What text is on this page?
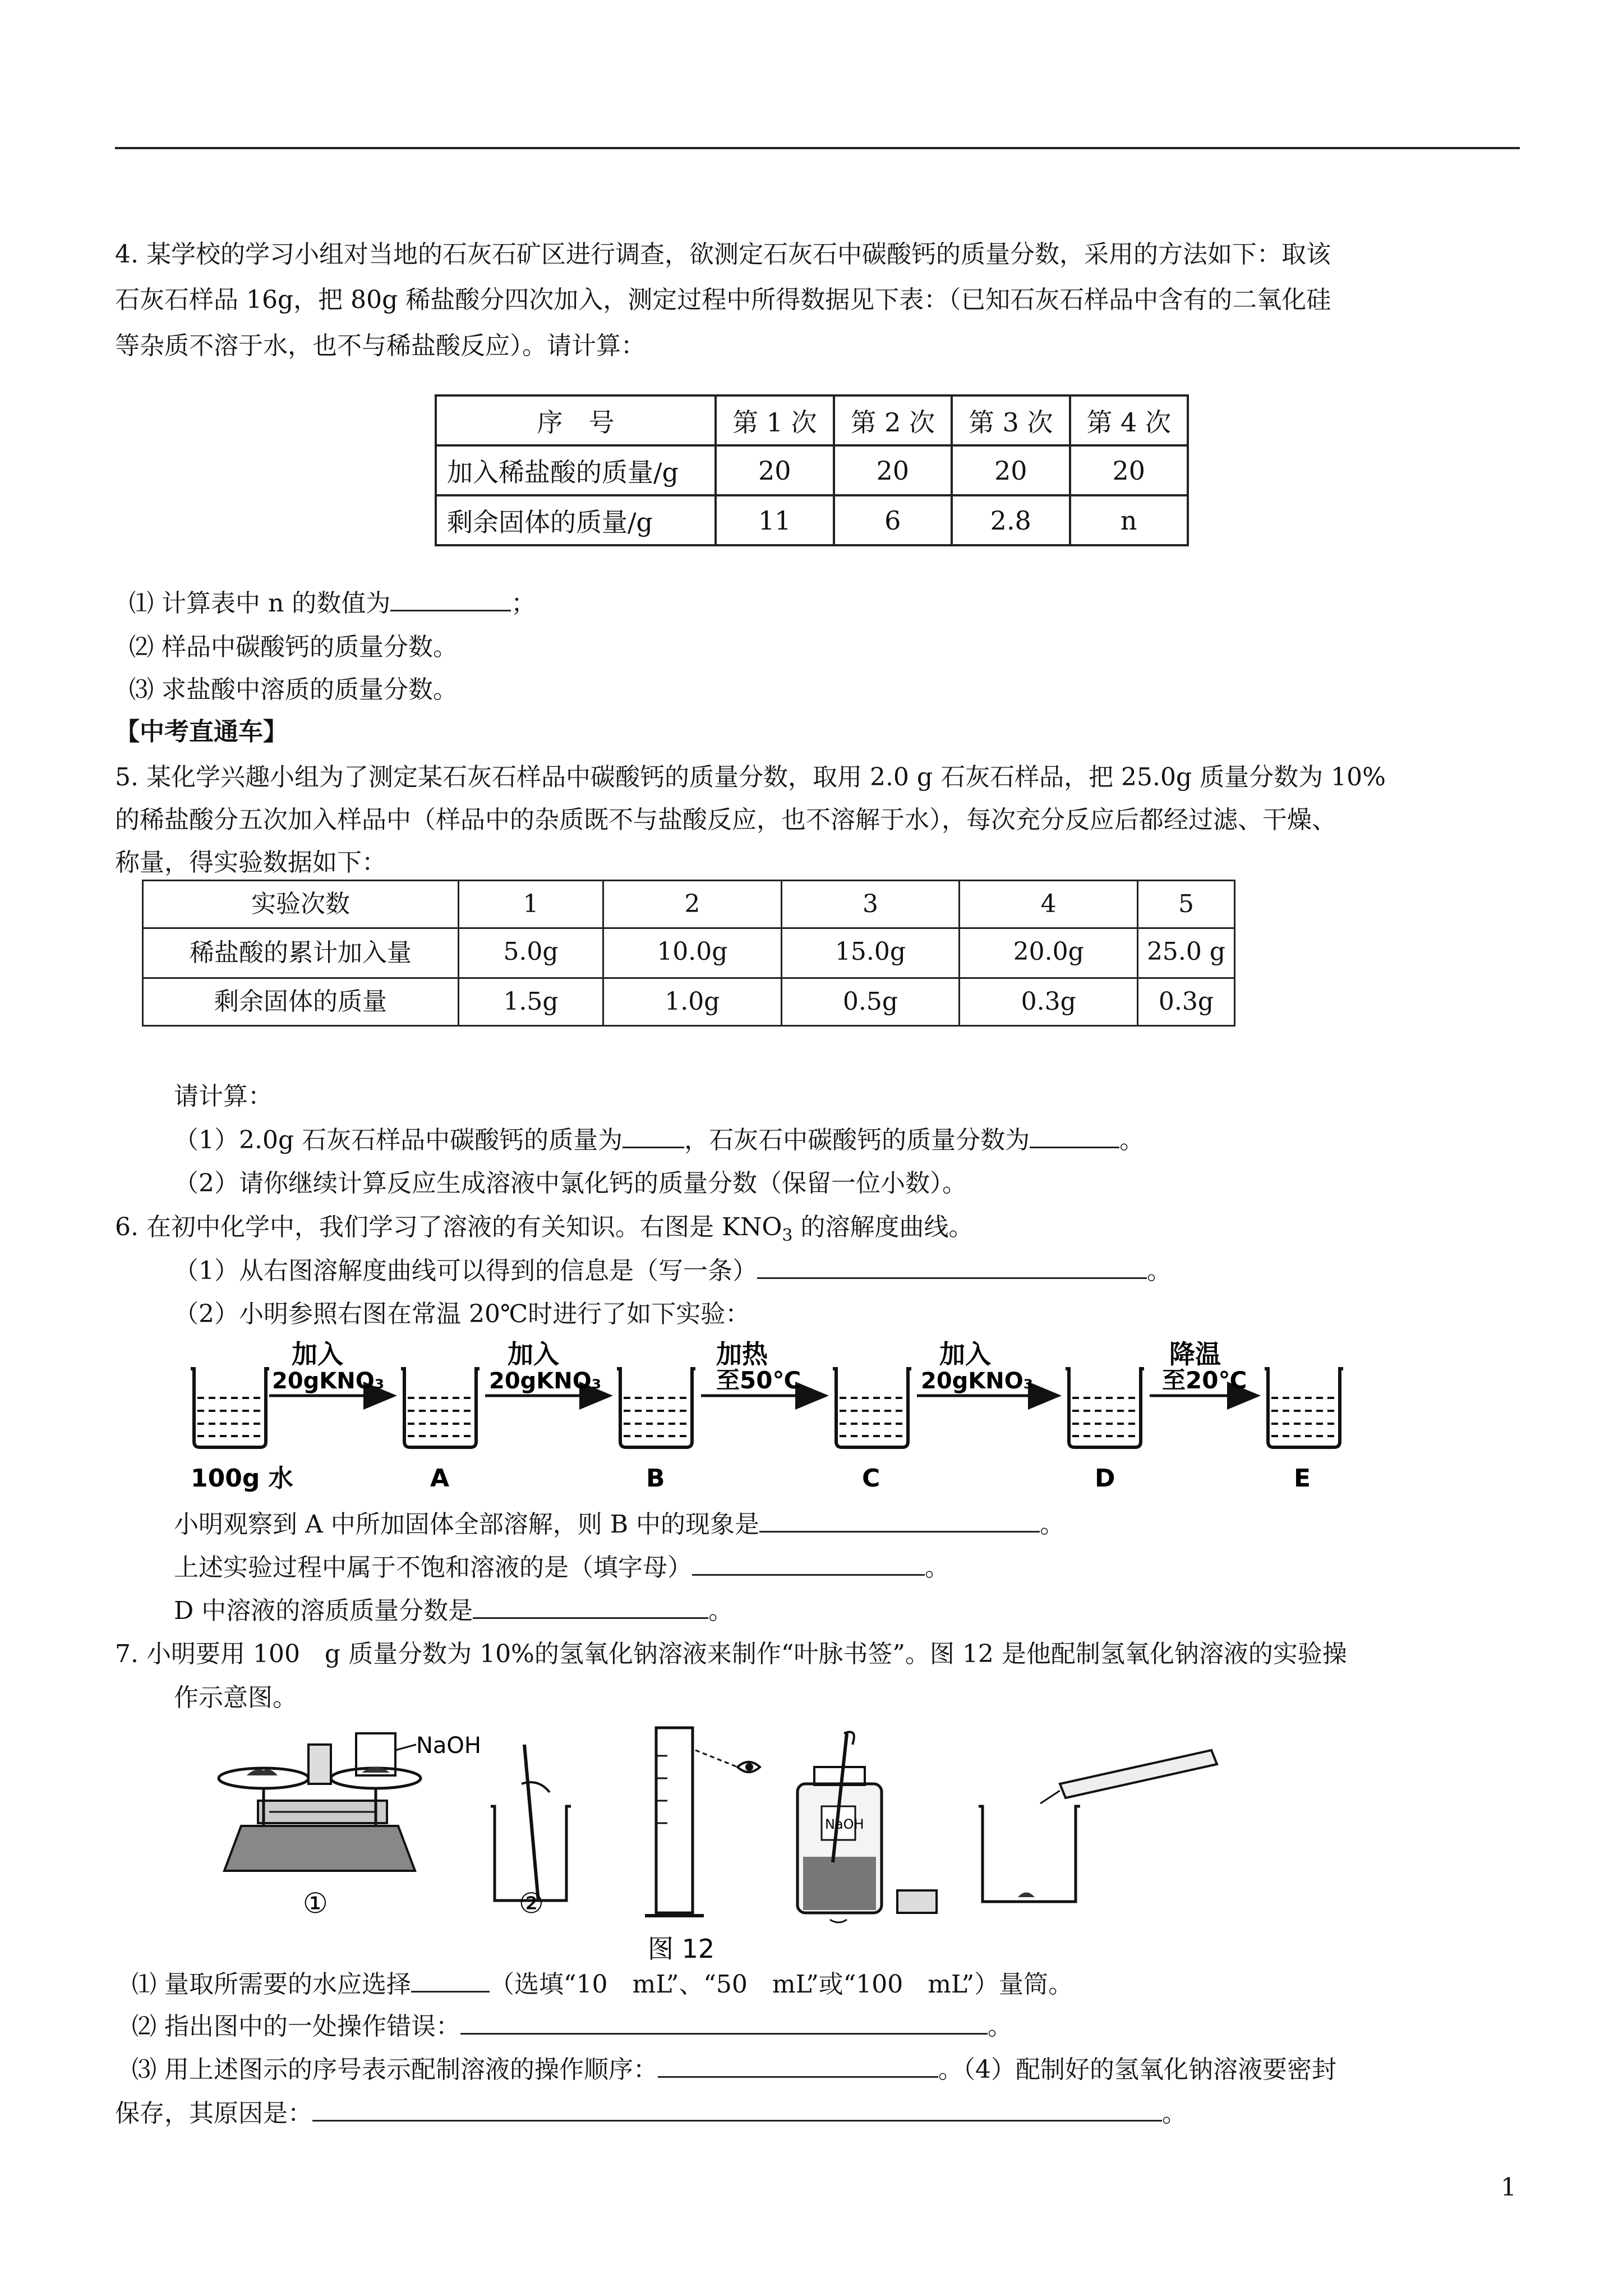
4. 某学校的学习小组对当地的石灰石矿区进行调查，欲测定石灰石中碳酸钙的质量分数，采用的方法如下：取该
石灰石样品 16g，把 80g 稀盐酸分四次加入，测定过程中所得数据见下表：（已知石灰石样品中含有的二氧化硅
等杂质不溶于水，也不与稀盐酸反应）。请计算：
序　号	第 1 次	第 2 次	第 3 次	第 4 次
加入稀盐酸的质量/g	20	20	20	20
剩余固体的质量/g	11	6	2.8	n
⑴ 计算表中 n 的数值为	；
⑵ 样品中碳酸钙的质量分数。
⑶ 求盐酸中溶质的质量分数。
【中考直通车】
5. 某化学兴趣小组为了测定某石灰石样品中碳酸钙的质量分数，取用 2.0 g 石灰石样品，把 25.0g 质量分数为 10%
的稀盐酸分五次加入样品中（样品中的杂质既不与盐酸反应，也不溶解于水），每次充分反应后都经过滤、干燥、
称量，得实验数据如下：
实验次数	1	2	3	4	5
稀盐酸的累计加入量	5.0g	10.0g	15.0g	20.0g	25.0 g
剩余固体的质量	1.5g	1.0g	0.5g	0.3g	0.3g
请计算：
（1）2.0g 石灰石样品中碳酸钙的质量为	，石灰石中碳酸钙的质量分数为	。
（2）请你继续计算反应生成溶液中氯化钙的质量分数（保留一位小数）。
6. 在初中化学中，我们学习了溶液的有关知识。右图是 $KNO_3$ 的溶解度曲线。
（1）从右图溶解度曲线可以得到的信息是（写一条）	。
（2）小明参照右图在常温 20℃时进行了如下实验：
100g 水
加入
20gKNO₃
A
加入
20gKNO₃
B
加热
至50℃
C
加入
20gKNO₃
D
降温
至20℃
E
小明观察到 A 中所加固体全部溶解，则 B 中的现象是	。
上述实验过程中属于不饱和溶液的是（填字母）	。
D 中溶液的溶质质量分数是	。
7. 小明要用 100　g 质量分数为 10%的氢氧化钠溶液来制作“叶脉书签”。图 12 是他配制氢氧化钠溶液的实验操
作示意图。
NaOH
①	②
NaOH
图 12
⑴ 量取所需要的水应选择	（选填“10　mL”、“50　mL”或“100　mL”）量筒。
⑵ 指出图中的一处操作错误：	。
⑶ 用上述图示的序号表示配制溶液的操作顺序：	。（4）配制好的氢氧化钠溶液要密封
保存，其原因是：	。
1
